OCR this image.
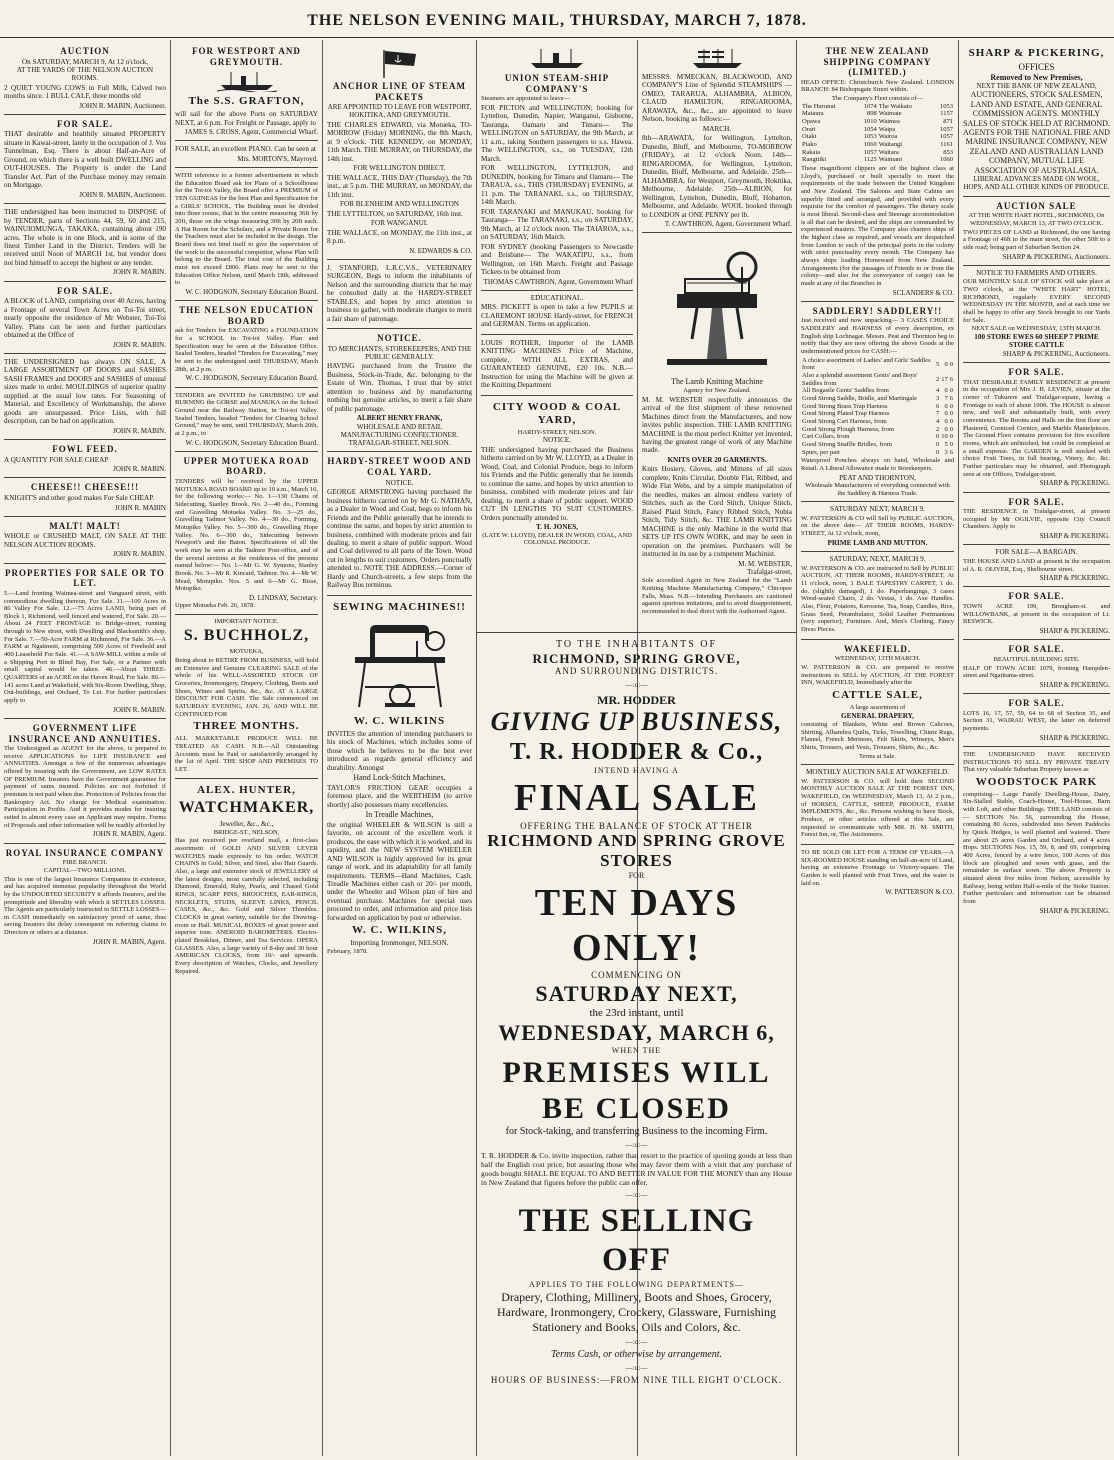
THE NELSON EVENING MAIL, THURSDAY, MARCH 7, 1878.
AUCTION
On SATURDAY, MARCH 9, At 12 o'clock,
AT THE YARDS OF THE NELSON AUCTION ROOMS.
2 QUIET YOUNG COWS in Full Milk, Calved two months since. 1 BULL CALF, three months old
JOHN R. MABIN, Auctioneer.
FOR SALE.
THAT desirable and healthily situated PROPERTY situate in Kawai-street, lately in the occupation of J. Vos Tunnelman, Esq. There is about Half-an-Acre of Ground, on which there is a well built DWELLING and OUT-HOUSES. The Property is under the Land Transfer Act. Part of the Purchase money may remain on Mortgage.
JOHN R. MABIN, Auctioneer.
THE undersigned has been instructed to DISPOSE of by TENDER, parts of Sections 44, 59, 60 and 215, WAINUIOMUNGA, TAKAKA, containing about 190 acres. The whole is in one Block, and is some of the finest Timber Land in the District. Tenders will be received until Noon of MARCH 1st, but vendor does not bind himself to accept the highest or any tender.
JOHN R. MABIN.
FOR SALE.
A BLOCK of LAND, comprising over 40 Acres, having a Frontage of several Town Acres on Toi-Toi street, nearly opposite the residence of Mr Webster, Toi-Toi Valley. Plans can be seen and further particulars obtained at the Office of
JOHN R. MABIN.
THE UNDERSIGNED has always ON SALE, A LARGE ASSORTMENT OF DOORS and SASHES SASH FRAMES and DOORS and SASHES of unusual sizes made to order. MOULDINGS of superior quality supplied at the usual low rates. For Seasoning of Material, and Excellency of Workmanship, the above goods are unsurpassed. Price Lists, with full description, can be had on application.
JOHN R. MABIN.
FOWL FEED.
A QUANTITY FOR SALE CHEAP
JOHN R. MABIN.
CHEESE!! CHEESE!!!
KNIGHT'S and other good makes For Sale CHEAP.
JOHN R. MABIN
MALT! MALT!
WHOLE or CRUSHED MALT, ON SALE AT THE NELSON AUCTION ROOMS.
JOHN R. MABIN.
PROPERTIES FOR SALE OR TO LET.
5.—Land fronting Waimea-street and Vanguard street, with commodious dwelling thereon, For Sale. 11.—100 Acres in 86 Valley For Sale. 12.—75 Acres LAND, being part of Block 1, Richmond, well fenced and watered, For Sale. 20.—About 24 FEET FRONTAGE to Bridge-street, running through to New street, with Dwelling and Blacksmith's shop, For Sale. 7.—50-Acre FARM at Richmond, For Sale. 36.—A FARM at Ngatimoti, comprising 500 Acres of Freehold and 400 Leasehold For Sale. 41.—A SAW-MILL within a mile of a Shipping Port in Blind Bay, For Sale, or a Partner with small capital would be taken. 46.—About THREE-QUARTERS of an ACRE on the Haven Road, For Sale. 80.—141 acres Land at Wakefield, with Six-Room Dwelling, Shop, Out-buildings, and Orchard, To Let. For further particulars apply to
JOHN R. MABIN.
GOVERNMENT LIFE INSURANCE AND ANNUITIES.
The Undersigned as AGENT for the above, is prepared to receive APPLICATIONS for LIFE INSURANCE and ANNUITIES. Amongst a few of the numerous advantages offered by insuring with the Government, are LOW RATES OF PREMIUM. Insurers have the Government guarantee for payment of sums insured. Policies are not forfeited if premium is not paid when due. Protection of Policies from the Bankruptcy Act. No charge for Medical examination. Participation in Profits. And it provides modes for insuring suited to almost every case an Applicant may require. Forms of Proposals and other information will be readily afforded by
JOHN R. MABIN, Agent.
ROYAL INSURANCE COMPANY
FIRE BRANCH.
CAPITAL—TWO MILLIONS.
This is one of the largest Insurance Companies in existence, and has acquired immense popularity throughout the World by the UNDOUBTED SECURITY it affords Insurers, and the promptitude and liberality with which it SETTLES LOSSES. The Agents are particularly instructed to SETTLE LOSSES—in CASH immediately on satisfactory proof of same, thus saving Insurers the delay consequent on referring claims to Directors or others at a distance.
JOHN R. MABIN, Agent.
FOR WESTPORT AND GREYMOUTH.
The S.S. GRAFTON,
will sail for the above Ports on SATURDAY NEXT, at 6 p.m. For Freight or Passage, apply to
JAMES S. CROSS, Agent, Commercial Wharf.
FOR SALE, an excellent PIANO. Can be seen at
Mrs. MORTON'S, Mayroyd.
WITH reference to a former advertisement in which the Education Board ask for Plans of a Schoolhouse for the Toi-toi Valley, the Board offer a PREMIUM of TEN GUINEAS for the best Plan and Specification for a GIRLS' SCHOOL. The Building must be divided into three rooms, that in the centre measuring 36ft by 20ft, those on the wings measuring 30ft by 20ft each. A Hat Room for the Scholars, and a Private Room for the Teachers must also be included in the design. The Board does not bind itself to give the supervision of the work to the successful competitor, whose Plan will belong to the Board. The total cost of the Building must not exceed £800. Plans may be sent to the Education Office Nelson, until March 18th, addressed to
W. C. HODGSON, Secretary Education Board.
THE NELSON EDUCATION BOARD
ask for Tenders for EXCAVATING a FOUNDATION for a SCHOOL in Toi-toi Valley. Plan and Specification may be seen at the Education Office. Sealed Tenders, headed "Tenders for Excavating," may be sent to the undersigned until THURSDAY, March 28th, at 2 p.m.
W. C. HODGSON, Secretary Education Board.
TENDERS are INVITED for GRUBBING UP and BURNING the GORSE and MANUKA on the School Ground near the Railway Station, in Toi-toi Valley. Sealed Tenders, headed "Tenders for Clearing School Ground," may be sent, until THURSDAY, March 20th, at 2 p.m., to
W. C. HODGSON, Secretary Education Board.
UPPER MOTUEKA ROAD BOARD.
TENDERS will be received by the UPPER MOTUEKA ROAD BOARD up to 10 a.m., March 16, for the following works:— No. 1—130 Chains of Sidecutting, Stanley Brook. No. 2—40 do., Forming and Gravelling Motueka Valley. No. 3—25 do., Gravelling Tadmor Valley. No. 4—30 do., Forming, Motupiko Valley. No. 5—300 do., Gravelling Hope Valley. No. 6—300 do., Sidecutting between Newport's and the Baton. Specifications of all the work may be seen at the Tadmor Post-office, and of the several sections at the residences of the persons named below:— No. 1—Mr G. W. Symons, Stanley Brook. No. 3—Mr R. Kincaid, Tadmor. No. 4—Mr W. Mead, Motupiko. Nos. 5 and 6—Mr G. Bisse, Motupiko.
D. LINDSAY, Secretary.
Upper Motueka Feb. 26, 1878.
IMPORTANT NOTICE.
S. BUCHHOLZ,
MOTUEKA,
Being about to RETIRE FROM BUSINESS, will hold an Extensive and Genuine CLEARING SALE of the whole of his WELL-ASSORTED STOCK OF Groceries, Ironmongery, Drapery, Clothing, Boots and Shoes, Wines and Spirits, &c., &c. AT A LARGE DISCOUNT FOR CASH. The Sale commenced on SATURDAY EVENING, JAN. 26, AND WILL BE CONTINUED FOR
THREE MONTHS.
ALL MARKETABLE PRODUCE WILL BE TREATED AS CASH. N.B.—All Outstanding Accounts must be Paid or satisfactorily arranged by the 1st of April. THE SHOP AND PREMISES TO LET.
ALEX. HUNTER,
WATCHMAKER,
Jeweller, &c., &c.,
BRIDGE-ST., NELSON,
Has just received per overland mail, a first-class assortment of GOLD AND SILVER LEVER WATCHES made expressly to his order. WATCH CHAINS in Gold, Silver, and Steel, also Hair Guards. Also, a large and extensive stock of JEWELLERY of the latest designs, most carefully selected, including Diamond, Emerald, Ruby, Pearls, and Chased Gold RINGS, SCARF PINS, BROOCHES, EAR-RINGS, NECKLETS, STUDS, SLEEVE LINKS, PENCIL CASES, &c., &c. Gold and Silver Thimbles. CLOCKS in great variety, suitable for the Drawing-room or Hall. MUSICAL BOXES of great power and superior tone. ANEROID BAROMETERS. Electro-plated Breakfast, Dinner, and Tea Services. OPERA GLASSES. Also, a large variety of 8-day and 30 hour AMERICAN CLOCKS, from 10/- and upwards. Every description of Watches, Clocks, and Jewellery Repaired.
ANCHOR LINE OF STEAM PACKETS
ARE APPOINTED TO LEAVE FOR WESTPORT, HOKITIKA, AND GREYMOUTH.
THE CHARLES EDWARD, via Motueka, TO-MORROW (Friday) MORNING, the 8th March, at 9 o'clock. THE KENNEDY, on MONDAY, 11th March. THE MURRAY, on THURSDAY, the 14th inst.
FOR WELLINGTON DIRECT.
THE WALLACE, THIS DAY (Thursday), the 7th inst., at 5 p.m. THE MURRAY, on MONDAY, the 11th inst.
FOR BLENHEIM AND WELLINGTON
THE LYTTELTON, on SATURDAY, 16th inst.
FOR WANGANUI.
THE WALLACE, on MONDAY, the 11th inst., at 8 p.m.
N. EDWARDS & CO.
J. STANFORD, L.R.C.V.S., VETERINARY SURGEON, Begs to inform the inhabitants of Nelson and the surrounding districts that he may be consulted daily at the HARDY-STREET STABLES, and hopes by strict attention to business to gather, with moderate charges to merit a fair share of patronage.
NOTICE.
TO MERCHANTS, STOREKEEPERS, AND THE PUBLIC GENERALLY.
HAVING purchased from the Trustee the Business, Stock-in-Trade, &c. belonging to the Estate of Wm. Thomas, I trust that by strict attention to business and by manufacturing nothing but genuine articles, to merit a fair share of public patronage.
ALBERT HENRY FRANK,
WHOLESALE AND RETAIL MANUFACTURING CONFECTIONER. TRAFALGAR-STREET, NELSON.
HARDY-STREET WOOD AND COAL YARD.
NOTICE.
GEORGE ARMSTRONG having purchased the business hitherto carried on by Mr G. NATHAN, as a Dealer in Wood and Coal, begs to inform his Friends and the Public generally that he intends to continue the same, and hopes by strict attention to business, combined with moderate prices and fair dealing, to merit a share of public support. Wood and Coal delivered to all parts of the Town. Wood cut in lengths to suit customers. Orders punctually attended to. NOTE THE ADDRESS.—Corner of Hardy and Church-streets, a few steps from the Railway Bus terminus.
SEWING MACHINES!!
W. C. WILKINS
INVITES the attention of intending purchasers to his stock of Machines, which includes some of those which he believes to be the best ever introduced as regards general efficiency and durability. Amongst
Hand Lock-Stitch Machines,
TAYLOR'S FRICTION GEAR occupies a foremost place, and the WERTHEIM (to arrive shortly) also possesses many excellencies.
In Treadle Machines,
the original WHEELER & WILSON is still a favorite, on account of the excellent work it produces, the ease with which it is worked, and its rapidity, and the NEW SYSTEM WHEELER AND WILSON is highly approved for its great range of work, and its adaptability for all family requirements. TERMS—Hand Machines, Cash. Treadle Machines either cash or 20/- per month, under the Wheeler and Wilson plan of hire and eventual purchase. Machines for special uses procured to order, and information and price lists forwarded on application by post or otherwise.
W. C. WILKINS,
Importing Ironmonger, NELSON.
February, 1878.
UNION STEAM-SHIP COMPANY'S
Steamers are appointed to leave—
FOR PICTON and WELLINGTON; booking for Lyttelton, Dunedin, Napier, Wanganui, Gisborne, Tauranga, Oamaru and Timaru— The WELLINGTON on SATURDAY, the 9th March, at 11 a.m., taking Southern passengers to s.s. Hawea. The WELLINGTON, s.s., on TUESDAY, 12th March.
FOR WELLINGTON, LYTTELTON, and DUNEDIN, booking for Timaru and Oamaru— The TARAUA, s.s., THIS (THURSDAY) EVENING, at 11 p.m. The TARANAKI, s.s., on THURSDAY, 14th March.
FOR TARANAKI and MANUKAU, booking for Tauranga— The TARANAKI, s.s., on SATURDAY, 9th March, at 12 o'clock noon. The TAIAROA, s.s., on SATURDAY, 16th March.
FOR SYDNEY (booking Passengers to Newcastle and Brisbane— The WAKATIPU, s.s., from Wellington, on 16th March. Freight and Passage Tickets to be obtained from
THOMAS CAWTHRON, Agent, Government Wharf
EDUCATIONAL.
MRS. PICKETT is open to take a few PUPILS at CLAREMONT HOUSE Hardy-street, for FRENCH and GERMAN. Terms on application.
LOUIS ROTHER, Importer of the LAMB KNITTING MACHINES Price of Machine, complete, WITH ALL EXTRAS, and GUARANTEED GENUINE, £20 10s. N.B.—Instruction for using the Machine will be given at the Knitting Department
CITY WOOD & COAL YARD,
HARDY-STREET, NELSON.
NOTICE.
THE undersigned having purchased the Business hitherto carried on by Mr W. LLOYD, as a Dealer in Wood, Coal, and Colonial Produce, begs to inform his Friends and the Public generally that he intends to continue the same, and hopes by strict attention to business, combined with moderate prices and fair dealing, to merit a share of public support. WOOD CUT IN LENGTHS TO SUIT CUSTOMERS. Orders punctually attended to.
T. H. JONES,
(LATE W. LLOYD), DEALER IN WOOD, COAL, AND COLONIAL PRODUCE.
MESSRS. M'MECKAN, BLACKWOOD, AND COMPANY'S Line of Splendid STEAMSHIPS — OMEO, TARARUA, ALHAMBRA, ALBION, CLAUD HAMILTON, RINGAROOMA, ARAWATA, &c., &c., are appointed to leave Nelson, booking as follows:—
MARCH.
8th—ARAWATA, for Wellington, Lyttelton, Dunedin, Bluff, and Melbourne, TO-MORROW (FRIDAY), at 12 o'clock Noon. 14th—RINGAROOMA, for Wellington, Lyttelton, Dunedin, Bluff, Melbourne, and Adelaide. 25th—ALHAMBRA, for Westport, Greymouth, Hokitika, Melbourne, Adelaide. 25th—ALBION, for Wellington, Lyttelton, Dunedin, Bluff, Hobarton, Melbourne, and Adelaide. WOOL booked through to LONDON at ONE PENNY per lb.
T. CAWTHRON, Agent, Government Wharf.
The Lamb Knitting Machine
Agency for New Zealand.
M. M. WEBSTER respectfully announces the arrival of the first shipment of these renowned Machines direct from the Manufacturers, and now invites public inspection. THE LAMB KNITTING MACHINE is the most perfect Knitter yet invented, having the greatest range of work of any Machine made.
KNITS OVER 20 GARMENTS.
Knits Hosiery, Gloves, and Mittens of all sizes complete, Knits Circular, Double Flat, Ribbed, and Wide Flat Webs, and by a simple manipulation of the needles, makes an almost endless variety of Stitches, such as the Cord Stitch, Unique Stitch, Raised Plaid Stitch, Fancy Ribbed Stitch, Nubia Stitch, Tidy Stitch, &c. THE LAMB KNITTING MACHINE is the only Machine in the world that SETS UP ITS OWN WORK, and may be seen in operation on the premises. Purchasers will be instructed in its use by a competent Machinist.
M. M. WEBSTER,
Trafalgar-street,
Sole accredited Agent in New Zealand for the "Lamb Knitting Machine Manufacturing Company," Chicopee Falls, Mass. N.B.—Intending Purchasers are cautioned against spurious imitations, and to avoid disappointment, recommended to deal direct with the Authorised Agent.
TO THE INHABITANTS OF
RICHMOND, SPRING GROVE,
AND SURROUNDING DISTRICTS.
—:o:—
MR. HODDER
GIVING UP BUSINESS,
T. R. HODDER & Co.,
INTEND HAVING A
FINAL SALE
OFFERING THE BALANCE OF STOCK AT THEIR
RICHMOND AND SPRING GROVE STORES
FOR
TEN DAYS ONLY!
COMMENCING ON
SATURDAY NEXT,
the 23rd instant, until
WEDNESDAY, MARCH 6,
WHEN THE
PREMISES WILL BE CLOSED
for Stock-taking, and transferring Business to the incoming Firm.
—:o:—
T. R. HODDER & Co. invite inspection, rather than resort to the practice of quoting goods at less than half the English cost price, but assuring those who may favor them with a visit that any purchase of goods bought SHALL BE EQUAL TO AND BETTER IN VALUE FOR THE MONEY than any House in New Zealand that figures before the public can offer.
—:o:—
THE SELLING OFF
APPLIES TO THE FOLLOWING DEPARTMENTS—
Drapery, Clothing, Millinery, Boots and Shoes, Grocery, Hardware, Ironmongery, Crockery, Glassware, Furnishing Stationery and Books, Oils and Colors, &c.
—:o:—
Terms Cash, or otherwise by arrangement.
—:o:—
HOURS OF BUSINESS:—FROM NINE TILL EIGHT O'CLOCK.
THE NEW ZEALAND SHIPPING COMPANY (LIMITED.)
HEAD OFFICE: Christchurch New Zealand. LONDON BRANCH: 84 Bishopsgate Street within.
The Company's Fleet consists of—
The Hurunui	1074	The Waikato	1053
Mataura	898	Waimate	1157
Opawa	1010	Waimea	871
Orari	1054	Waipa	1057
Otaki	1053	Wairoa	1057
Piako	1060	Waitangi	1161
Rakaia	1057	Waitara	853
Rangitiki	1125	Waimani	1060
These magnificent clippers are of the highest class at Lloyd's, purchased or built specially to meet the requirements of the trade between the United Kingdom and New Zealand. The Saloons and State Cabins are superbly fitted and arranged, and provided with every requisite for the comfort of passengers. The dietary scale is most liberal. Second-class and Steerage accommodation is all that can be desired, and the ships are commanded by experienced masters. The Company also charters ships of the highest class as required, and vessels are despatched from London to each of the principal ports in the colony with strict punctuality every month. The Company has always ships loading Homeward from New Zealand. Arrangements (for the passages of Friends to or from the colony—and also for the conveyance of cargo) can be made at any of the Branches in
SCLANDERS & CO.
SADDLERY! SADDLERY!!
Just received and now unpacking— 3 CASES CHOICE SADDLERY and HARNESS of every description, ex English ship Lochnagar. Messrs. Peat and Thornton beg to notify that they are now offering the above Goods at the undermentioned prices for CASH:—
A choice assortment of Ladies' and Girls' Saddles from	5	0	0
Also a splendid assortment Gents' and Boys' Saddles from	2	17	6
All Bogastle Gents' Saddles from	4	0	0
Good Strong Saddle, Bridle, and Martingale	3	7	6
Good Strong Brass Trap Harness	6	0	0
Good Strong Plated Trap Harness	7	0	0
Good Strong Cart Harness, from	4	0	0
Good Strong Plough Harness, from	2	0	0
Cart Collars, from	0	10	0
Good Strong Snaffle Bridles, from	0	5	0
Spurs, per pair	0	3	6
Waterproof Ponchos always on hand, Wholesale and Retail. A Liberal Allowance made to Storekeepers.
PEAT AND THORNTON,
Wholesale Manufacturers of everything connected with the Saddlery & Harness Trade.
SATURDAY NEXT, MARCH 9.
W. PATTERSON & CO will Sell by PUBLIC AUCTION, on the above date— AT THEIR ROOMS, HARDY-STREET, At 12 o'clock, noon,
PRIME LAMB AND MUTTON.
SATURDAY, NEXT, MARCH 9.
W. PATTERSON & CO. are instructed to Sell by PUBLIC AUCTION, AT THEIR ROOMS, HARDY-STREET, At 11 o'clock, noon, 1 BALE TAPESTRY CARPET, 1 do. do. (slightly damaged), 1 do. Paperhangings, 3 cases Wood-seated Chairs, 2 do. Vestas, 1 do. Axe Handles. Also, Flour, Potatoes, Kerosene, Tea, Soap, Candles, Rice, Grass Seed, Perambulator, Solid Leather Portmanteau (very superior), Furniture. And, Men's Clothing, Fancy Dress Pieces.
WAKEFIELD.
WEDNESDAY, 13TH MARCH.
W. PATTERSON & CO. are prepared to receive instructions to SELL by AUCTION, AT THE FOREST INN, WAKEFIELD, Immediately after the
CATTLE SALE,
A large assortment of
GENERAL DRAPERY,
consisting of Blankets, White and Brown Calicoes, Shirting, Alhambra Quilts, Ticks, Towelling, Chintz Rugs, Flannel, French Merinoes, Felt Skirts, Winseys, Men's Shirts, Trousers, and Vests, Trousers, Shirts, &c., &c.
Terms at Sale.
MONTHLY AUCTION SALE AT WAKEFIELD.
W. PATTERSON & CO. will hold their SECOND MONTHLY AUCTION SALE AT THE FOREST INN, WAKEFIELD, On WEDNESDAY, March 13, At 2 p.m., of HORSES, CATTLE, SHEEP, PRODUCE, FARM IMPLEMENTS, &c., &c. Persons wishing to have Stock, Produce, or other articles offered at this Sale, are requested to communicate with MR. H. M. SMITH, Forest Inn, or, The Auctioneers.
TO BE SOLD OR LET FOR A TERM OF YEARS.—A SIX-ROOMED HOUSE standing on half-an-acre of Land, having an extensive Frontage to Victory-square. The Garden is well planted with Fruit Trees, and the water is laid on.
W. PATTERSON & CO.
SHARP & PICKERING,
OFFICES
Removed to New Premises,
NEXT THE BANK OF NEW ZEALAND,
AUCTIONEERS, STOCK SALESMEN, LAND AND ESTATE, AND GENERAL COMMISSION AGENTS. MONTHLY SALES OF STOCK HELD AT RICHMOND. AGENTS FOR THE NATIONAL FIRE AND MARINE INSURANCE COMPANY, NEW ZEALAND AND AUSTRALIAN LAND COMPANY, MUTUAL LIFE ASSOCIATION OF AUSTRALASIA.
LIBERAL ADVANCES MADE ON WOOL, HOPS, AND ALL OTHER KINDS OF PRODUCE.
AUCTION SALE
AT THE WHITE HART HOTEL, RICHMOND, On WEDNESDAY, MARCH 13, AT TWO O'CLOCK.
TWO PIECES OF LAND at Richmond, the one having a Frontage of 46ft to the main street, the other 50ft to a side road; being part of Suburban Section 24.
SHARP & PICKERING, Auctioneers.
NOTICE TO FARMERS AND OTHERS.
OUR MONTHLY SALE OF STOCK will take place at TWO o'clock, at the "WHITE HART" HOTEL, RICHMOND, regularly EVERY SECOND WEDNESDAY IN THE MONTH, and at each time we shall be happy to offer any Stock brought to our Yards for Sale.
NEXT SALE on WEDNESDAY, 13TH MARCH.
100 STORE EWES 60 SHEEP 7 PRIME STORE CATTLE
SHARP & PICKERING, Auctioneers.
FOR SALE.
THAT DESIRABLE FAMILY RESIDENCE at present in the occupation of Mrs J. H. LEVIEN, situate at the corner of Tukurere and Trafalgar-square, having a Frontage to each of about 100ft. The HOUSE is almost new, and well and substantially built, with every convenience. The Rooms and Halls on the first floor are Plastered, Corniced Cornice, and Marble Mantelpieces. The Ground Floor contains provision for five excellent rooms, which are unfinished, but could be completed at a small expense. The GARDEN is well stocked with choice Fruit Trees, in full bearing, Vinery, &c. &c. Further particulars may be obtained, and Photograph seen at our Offices, Trafalgar-street.
SHARP & PICKERING.
FOR SALE.
THE RESIDENCE in Trafalgar-street, at present occupied by Mr OGILVIE, opposite City Council Chambers. Apply to
SHARP & PICKERING.
FOR SALE—A BARGAIN.
THE HOUSE AND LAND at present in the occupation of A. R. OLIVER, Esq., Shelbourne street.
SHARP & PICKERING.
FOR SALE.
TOWN ACRE 199, Brougham-st. and WILLOWBANK, at present in the occupation of Lt. BESWICK.
SHARP & PICKERING.
FOR SALE.
BEAUTIFUL BUILDING SITE.
HALF OF TOWN ACRE 1079, fronting Hampden-street and Ngatitama-street.
SHARP & PICKERING.
FOR SALE.
LOTS 16, 17, 57, 59, 64 to 68 of Section 35, and Section 31, WAIRAU WEST, the latter on deferred payments.
SHARP & PICKERING.
THE UNDERSIGNED HAVE RECEIVED INSTRUCTIONS TO SELL BY PRIVATE TREATY That very valuable Suburban Property known as
WOODSTOCK PARK
comprising— Large Family Dwelling-House, Dairy, Six-Stalled Stable, Coach-House, Tool-House, Barn with Loft, and other Buildings. THE LAND consists of— SECTION No. 56, surrounding the House, containing 80 Acres, subdivided into Seven Paddocks by Quick Hedges, is well planted and watered. There are about 25 acres Garden and Orchard, and 4 acres Hops. SECTIONS Nos. 15, 59, 8, and 69, comprising 400 Acres, fenced by a wire fence, 100 Acres of this block are ploughed and sown with grass, and the remainder in surface sown. The above Property is situated about five miles from Nelson, accessible by Railway, being within Half-a-mile of the Stoke Station. Further particulars and information can be obtained from
SHARP & PICKERING.
